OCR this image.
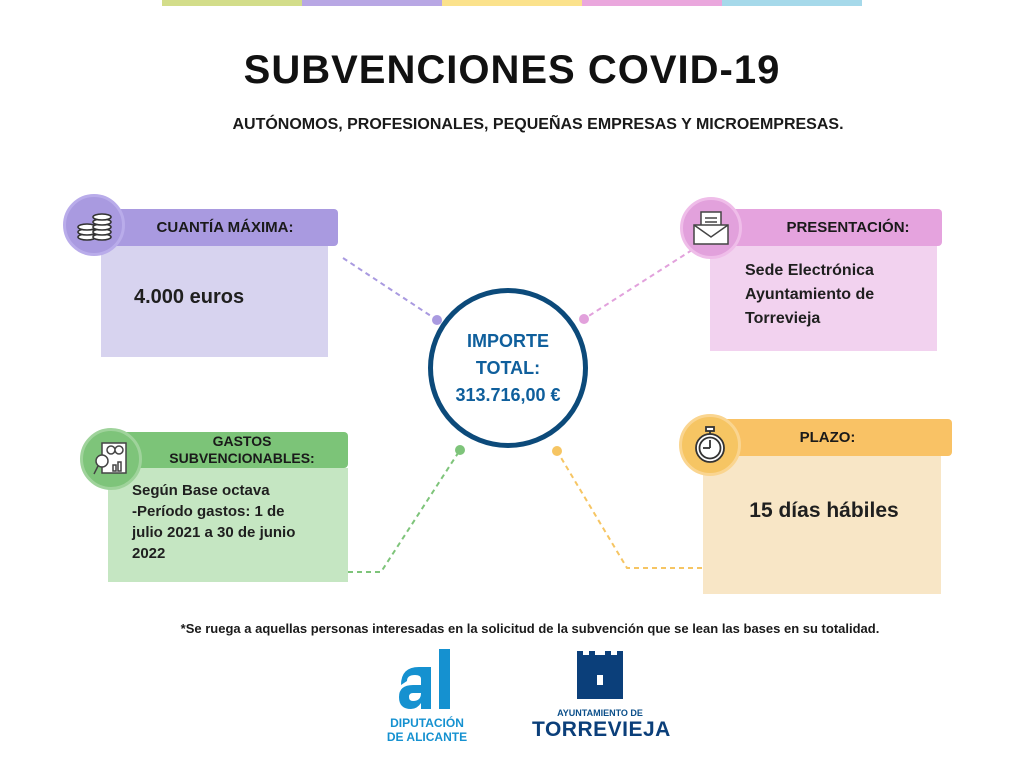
SUBVENCIONES COVID-19
AUTÓNOMOS, PROFESIONALES, PEQUEÑAS EMPRESAS Y MICROEMPRESAS.
4.000 euros
CUANTÍA MÁXIMA:
Sede Electrónica
Ayuntamiento de
Torrevieja
PRESENTACIÓN:
IMPORTE
TOTAL:
313.716,00 €
Según Base octava
-Período gastos: 1 de
julio 2021 a 30 de junio
2022
GASTOS
SUBVENCIONABLES:
15 días hábiles
PLAZO:
*Se ruega a aquellas personas interesadas en la solicitud de la subvención que se lean las bases en su totalidad.
DIPUTACIÓN
DE ALICANTE
AYUNTAMIENTO DE
TORREVIEJA
